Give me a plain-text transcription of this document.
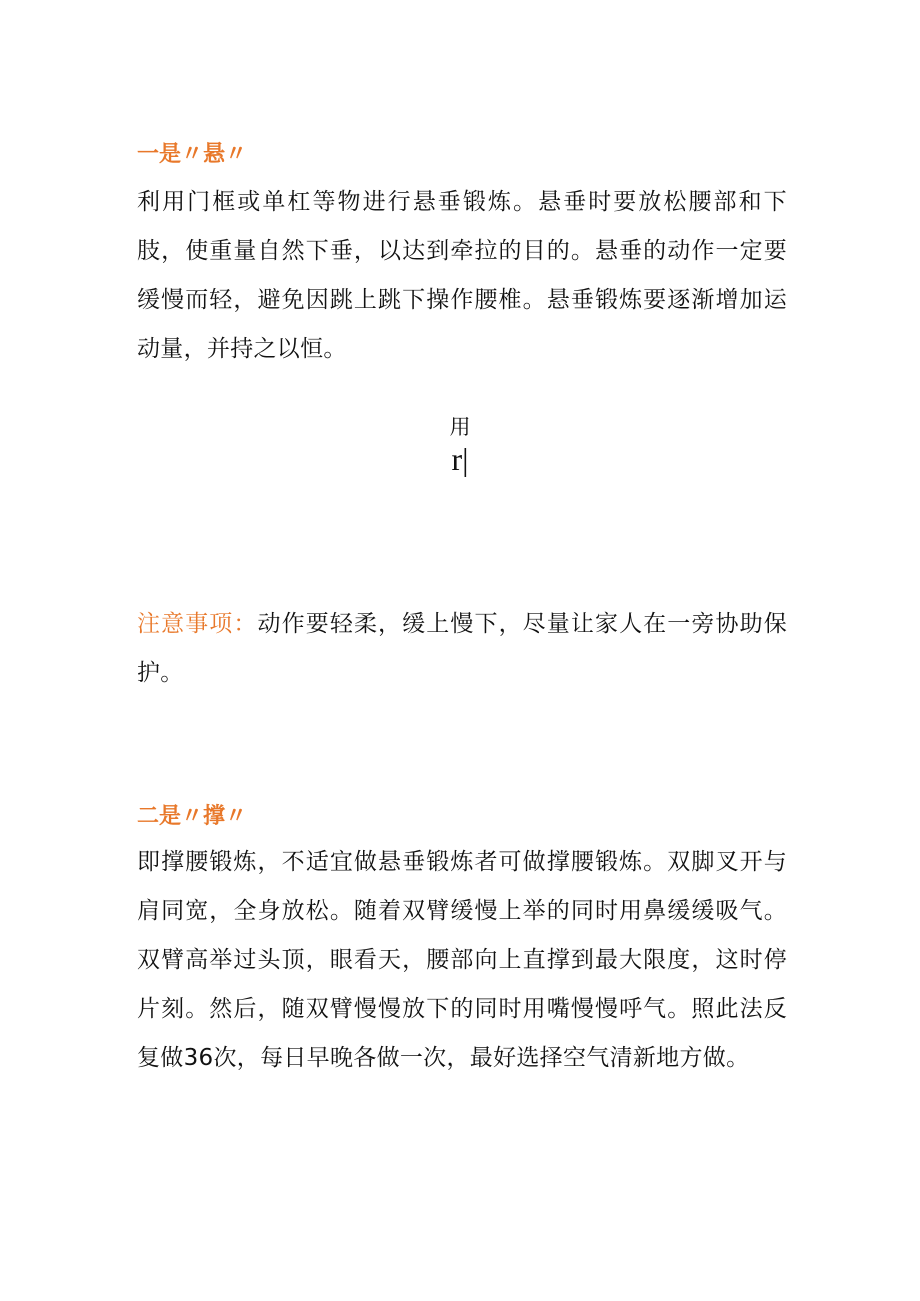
一是〃悬〃

利用门框或单杠等物进行悬垂锻炼。悬垂时要放松腰部和下肢，使重量自然下垂，以达到牵拉的目的。悬垂的动作一定要缓慢而轻，避免因跳上跳下操作腰椎。悬垂锻炼要逐渐增加运动量，并持之以恒。

用
r|

注意事项：动作要轻柔，缓上慢下，尽量让家人在一旁协助保护。

二是〃撑〃

即撑腰锻炼，不适宜做悬垂锻炼者可做撑腰锻炼。双脚叉开与肩同宽，全身放松。随着双臂缓慢上举的同时用鼻缓缓吸气。双臂高举过头顶，眼看天，腰部向上直撑到最大限度，这时停片刻。然后，随双臂慢慢放下的同时用嘴慢慢呼气。照此法反复做36次，每日早晚各做一次，最好选择空气清新地方做。
